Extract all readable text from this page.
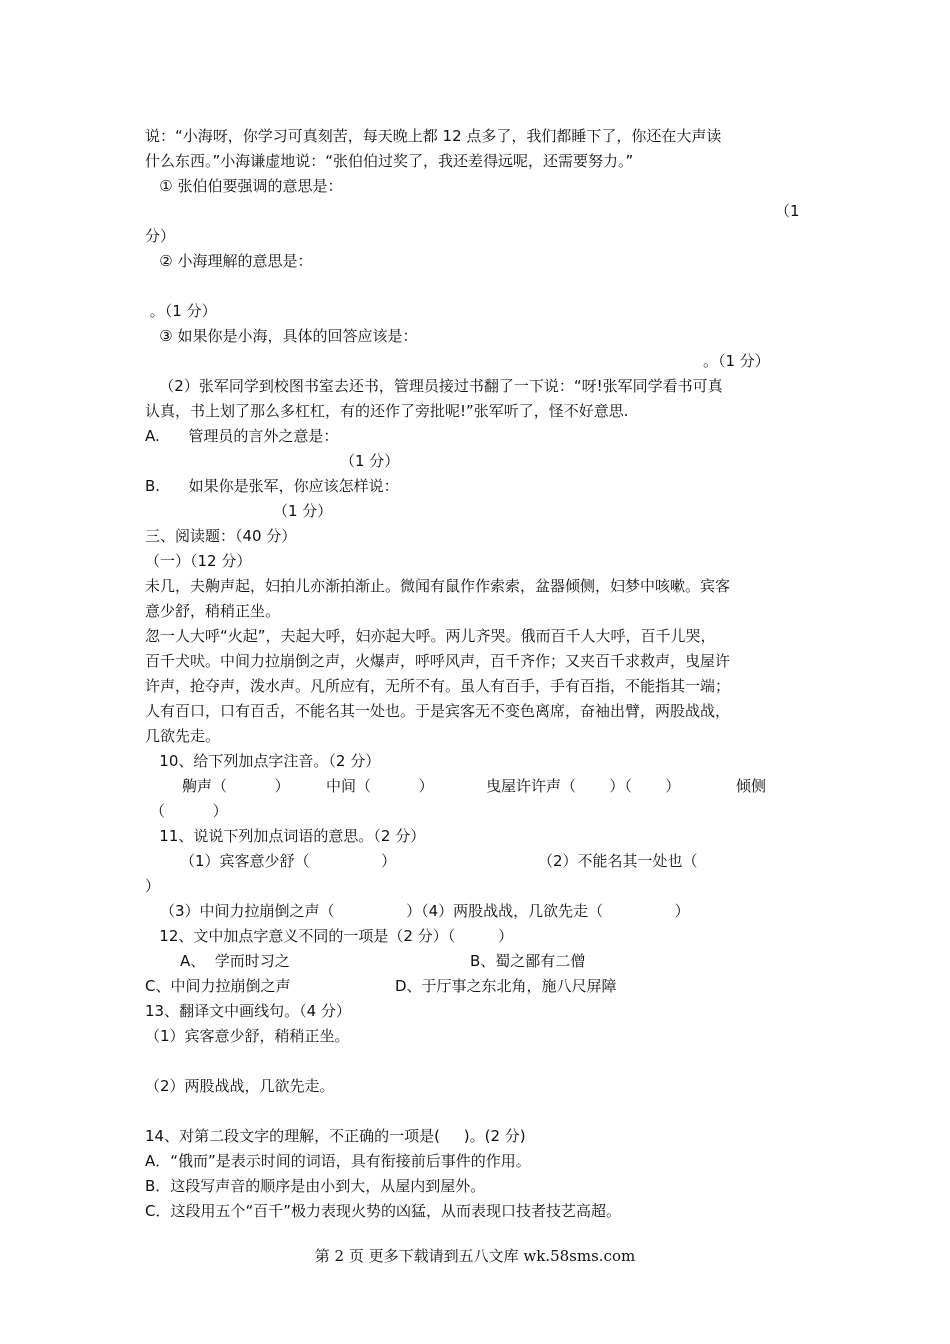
说：“小海呀，你学习可真刻苦，每天晚上都 12 点多了，我们都睡下了，你还在大声读
什么东西。”小海谦虚地说：“张伯伯过奖了，我还差得远呢，还需要努力。”
① 张伯伯要强调的意思是：
（1
分）
② 小海理解的意思是：
。（1 分）
③ 如果你是小海，具体的回答应该是：
。（1 分）
（2）张军同学到校图书室去还书，管理员接过书翻了一下说：“呀!张军同学看书可真
认真，书上划了那么多杠杠，有的还作了旁批呢!”张军听了，怪不好意思.
A.      管理员的言外之意是：
（1 分）
B.      如果你是张军，你应该怎样说：
（1 分）
三、阅读题：（40 分）
（一）（12 分）
未几，夫齁声起，妇拍儿亦渐拍渐止。微闻有鼠作作索索，盆器倾侧，妇梦中咳嗽。宾客
意少舒，稍稍正坐。
忽一人大呼“火起”，夫起大呼，妇亦起大呼。两儿齐哭。俄而百千人大呼，百千儿哭，
百千犬吠。中间力拉崩倒之声，火爆声，呼呼风声，百千齐作；又夹百千求救声，曳屋许
许声，抢夺声，泼水声。凡所应有，无所不有。虽人有百手，手有百指，不能指其一端；
人有百口，口有百舌，不能名其一处也。于是宾客无不变色离席，奋袖出臂，两股战战，
几欲先走。
10、给下列加点字注音。（2 分）
齁声（          ） 中间（          ）	曳屋许许声（       ）（       ）	倾侧
（          ）
11、说说下列加点词语的意思。（2 分）
（1）宾客意少舒（               ）	（2）不能名其一处也（
）
（3）中间力拉崩倒之声（               ）（4）两股战战，几欲先走（               ）
12、文中加点字意义不同的一项是（2 分）（         ）
A、  学而时习之	B、蜀之鄙有二僧
C、中间力拉崩倒之声	D、于厅事之东北角，施八尺屏障
13、翻译文中画线句。（4 分）
（1）宾客意少舒，稍稍正坐。
（2）两股战战，几欲先走。
14、对第二段文字的理解，不正确的一项是(     )。(2 分)
A．“俄而”是表示时间的词语，具有衔接前后事件的作用。
B．这段写声音的顺序是由小到大，从屋内到屋外。
C．这段用五个“百千”极力表现火势的凶猛，从而表现口技者技艺高超。
第 2 页 更多下载请到五八文库 wk.58sms.com
